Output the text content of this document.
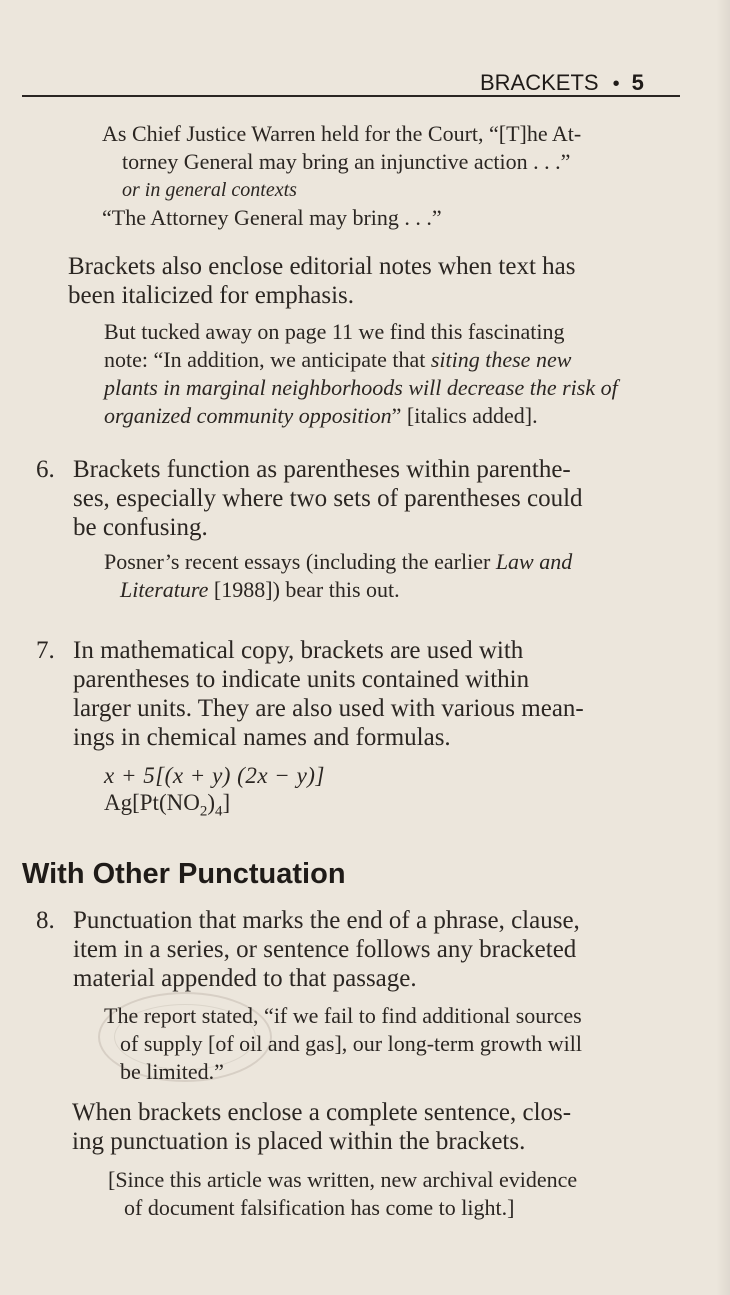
BRACKETS • 5

As Chief Justice Warren held for the Court, “[T]he At-

torney General may bring an injunctive action . . .”

or in general contexts

“The Attorney General may bring . . .”

Brackets also enclose editorial notes when text has

been italicized for emphasis.

But tucked away on page 11 we find this fascinating

note: “In addition, we anticipate that siting these new

plants in marginal neighborhoods will decrease the risk of

organized community opposition” [italics added].

6. Brackets function as parentheses within parenthe-

ses, especially where two sets of parentheses could

be confusing.

Posner’s recent essays (including the earlier Law and

Literature [1988]) bear this out.

7. In mathematical copy, brackets are used with

parentheses to indicate units contained within

larger units. They are also used with various mean-

ings in chemical names and formulas.

x + 5[(x + y) (2x − y)]

$Ag[Pt(NO_2)_4]$

With Other Punctuation
8. Punctuation that marks the end of a phrase, clause,

item in a series, or sentence follows any bracketed

material appended to that passage.

The report stated, “if we fail to find additional sources

of supply [of oil and gas], our long-term growth will

be limited.”

When brackets enclose a complete sentence, clos-

ing punctuation is placed within the brackets.

[Since this article was written, new archival evidence

of document falsification has come to light.]
